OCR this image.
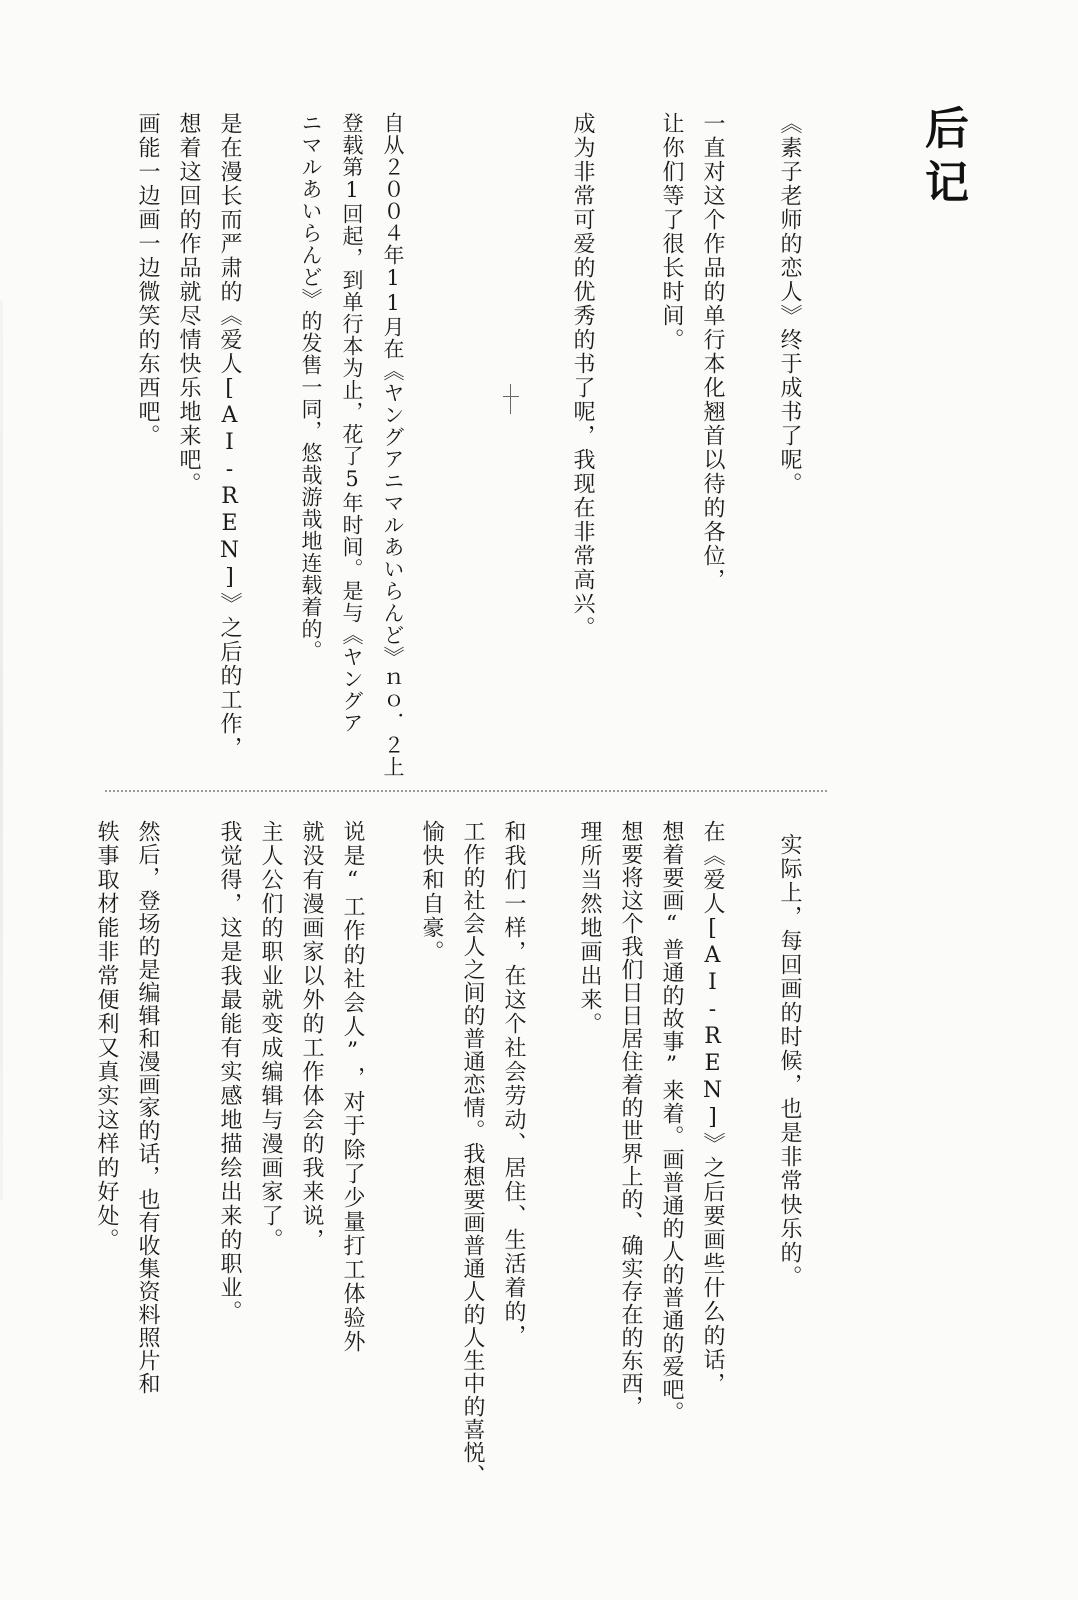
后记
《素子老师的恋人》终于成书了呢。
一直对这个作品的单行本化翘首以待的各位，
让你们等了很长时间。
成为非常可爱的优秀的书了呢，我现在非常高兴。
自从２００４年11月在《ヤングアニマルあいらんど》ｎｏ．２上
登载第1回起，到单行本为止，花了5年时间。是与《ヤングア
ニマルあいらんど》的发售一同，悠哉游哉地连载着的。
是在漫长而严肃的《爱人[AI-REN]》之后的工作，
想着这回的作品就尽情快乐地来吧。
画能一边画一边微笑的东西吧。
实际上，每回画的时候，也是非常快乐的。
在《爱人[AI-REN]》之后要画些什么的话，
想着要画“普通的故事”来着。画普通的人的普通的爱吧。
想要将这个我们日日居住着的世界上的、确实存在的东西，
理所当然地画出来。
和我们一样，在这个社会劳动、居住、生活着的，
工作的社会人之间的普通恋情。我想要画普通人的人生中的喜悦、
愉快和自豪。
说是“工作的社会人”，对于除了少量打工体验外
就没有漫画家以外的工作体会的我来说，
主人公们的职业就变成编辑与漫画家了。
我觉得，这是我最能有实感地描绘出来的职业。
然后，登场的是编辑和漫画家的话，也有收集资料照片和
轶事取材能非常便利又真实这样的好处。
